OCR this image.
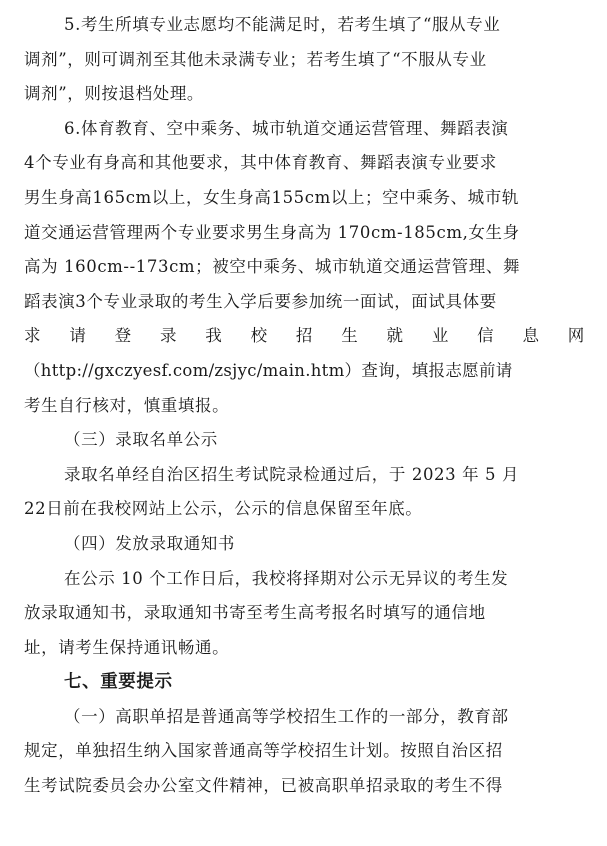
5.考生所填专业志愿均不能满足时，若考生填了“服从专业

调剂”，则可调剂至其他未录满专业；若考生填了“不服从专业

调剂”，则按退档处理。

6.体育教育、空中乘务、城市轨道交通运营管理、舞蹈表演

4个专业有身高和其他要求，其中体育教育、舞蹈表演专业要求

男生身高165cm以上，女生身高155cm以上；空中乘务、城市轨

道交通运营管理两个专业要求男生身高为 170cm-185cm,女生身

高为 160cm--173cm；被空中乘务、城市轨道交通运营管理、舞

蹈表演3个专业录取的考生入学后要参加统一面试，面试具体要

求 请 登 录 我 校 招 生 就 业 信 息 网

（http://gxczyesf.com/zsjyc/main.htm）查询，填报志愿前请

考生自行核对，慎重填报。

（三）录取名单公示

录取名单经自治区招生考试院录检通过后，于 2023 年 5 月

22日前在我校网站上公示，公示的信息保留至年底。

（四）发放录取通知书

在公示 10 个工作日后，我校将择期对公示无异议的考生发

放录取通知书，录取通知书寄至考生高考报名时填写的通信地

址，请考生保持通讯畅通。

七、重要提示

（一）高职单招是普通高等学校招生工作的一部分，教育部

规定，单独招生纳入国家普通高等学校招生计划。按照自治区招

生考试院委员会办公室文件精神，已被高职单招录取的考生不得
